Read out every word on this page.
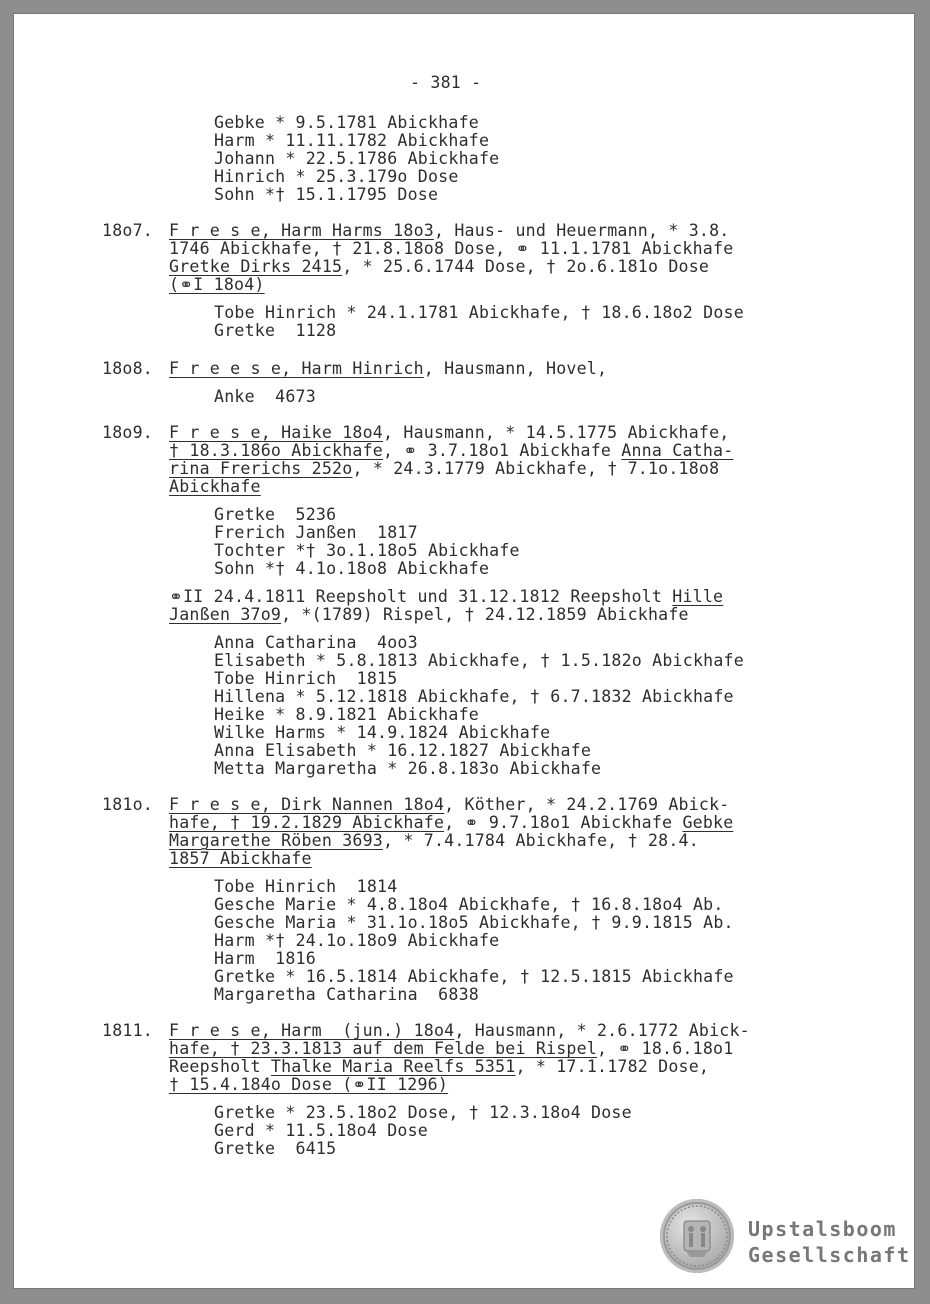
- 381 -
Gebke * 9.5.1781 Abickhafe
Harm * 11.11.1782 Abickhafe
Johann * 22.5.1786 Abickhafe
Hinrich * 25.3.179o Dose
Sohn *† 15.1.1795 Dose
18o7. F r e s e, Harm Harms 18o3, Haus- und Heuermann, * 3.8.
1746 Abickhafe, † 21.8.18o8 Dose, ⚭ 11.1.1781 Abickhafe
Gretke Dirks 2415, * 25.6.1744 Dose, † 2o.6.181o Dose
(⚭I 18o4)
Tobe Hinrich * 24.1.1781 Abickhafe, † 18.6.18o2 Dose
Gretke  1128
18o8. F r e e s e, Harm Hinrich, Hausmann, Hovel,
Anke  4673
18o9. F r e s e, Haike 18o4, Hausmann, * 14.5.1775 Abickhafe,
† 18.3.186o Abickhafe, ⚭ 3.7.18o1 Abickhafe Anna Catha-
rina Frerichs 252o, * 24.3.1779 Abickhafe, † 7.1o.18o8
Abickhafe
Gretke  5236
Frerich Janßen  1817
Tochter *† 3o.1.18o5 Abickhafe
Sohn *† 4.1o.18o8 Abickhafe
⚭II 24.4.1811 Reepsholt und 31.12.1812 Reepsholt Hille
Janßen 37o9, *(1789) Rispel, † 24.12.1859 Abickhafe
Anna Catharina  4oo3
Elisabeth * 5.8.1813 Abickhafe, † 1.5.182o Abickhafe
Tobe Hinrich  1815
Hillena * 5.12.1818 Abickhafe, † 6.7.1832 Abickhafe
Heike * 8.9.1821 Abickhafe
Wilke Harms * 14.9.1824 Abickhafe
Anna Elisabeth * 16.12.1827 Abickhafe
Metta Margaretha * 26.8.183o Abickhafe
181o. F r e s e, Dirk Nannen 18o4, Köther, * 24.2.1769 Abick-
hafe, † 19.2.1829 Abickhafe, ⚭ 9.7.18o1 Abickhafe Gebke
Margarethe Röben 3693, * 7.4.1784 Abickhafe, † 28.4.
1857 Abickhafe
Tobe Hinrich  1814
Gesche Marie * 4.8.18o4 Abickhafe, † 16.8.18o4 Ab.
Gesche Maria * 31.1o.18o5 Abickhafe, † 9.9.1815 Ab.
Harm *† 24.1o.18o9 Abickhafe
Harm  1816
Gretke * 16.5.1814 Abickhafe, † 12.5.1815 Abickhafe
Margaretha Catharina  6838
1811. F r e s e, Harm  (jun.) 18o4, Hausmann, * 2.6.1772 Abick-
hafe, † 23.3.1813 auf dem Felde bei Rispel, ⚭ 18.6.18o1
Reepsholt Thalke Maria Reelfs 5351, * 17.1.1782 Dose,
† 15.4.184o Dose (⚭II 1296)
Gretke * 23.5.18o2 Dose, † 12.3.18o4 Dose
Gerd * 11.5.18o4 Dose
Gretke  6415
Upstalsboom
Gesellschaft
